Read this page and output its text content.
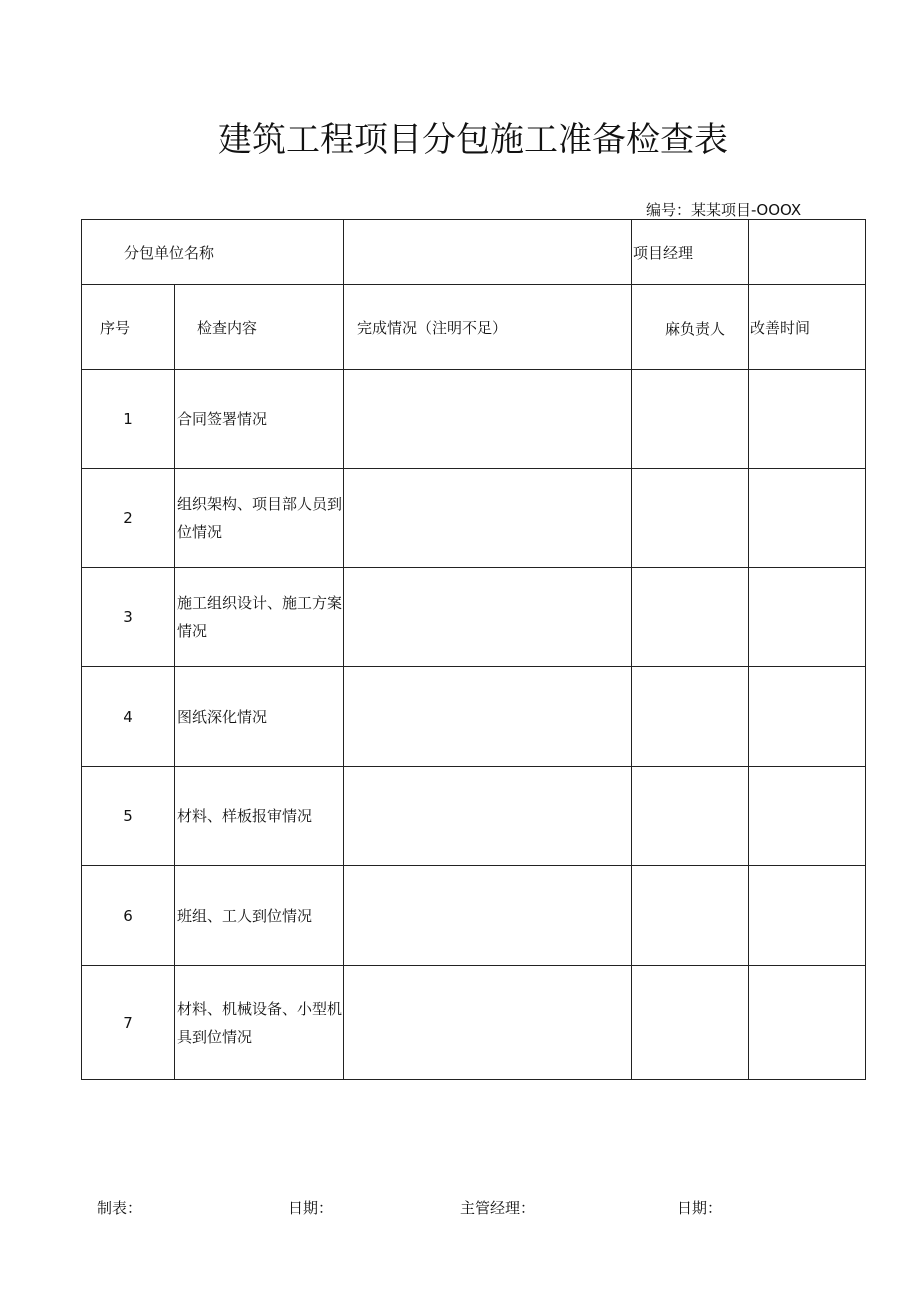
建筑工程项目分包施工准备检查表
编号：某某项目-OOOX
分包单位名称			项目经理	
序号	检查内容	完成情况（注明不足）	麻负责人	改善时间
1	合同签署情况			
2	组织架构、项目部人员到位情况			
3	施工组织设计、施工方案情况			
4	图纸深化情况			
5	材料、样板报审情况			
6	班组、工人到位情况			
7	材料、机械设备、小型机具到位情况			
制表：	日期：	主管经理：	日期：
